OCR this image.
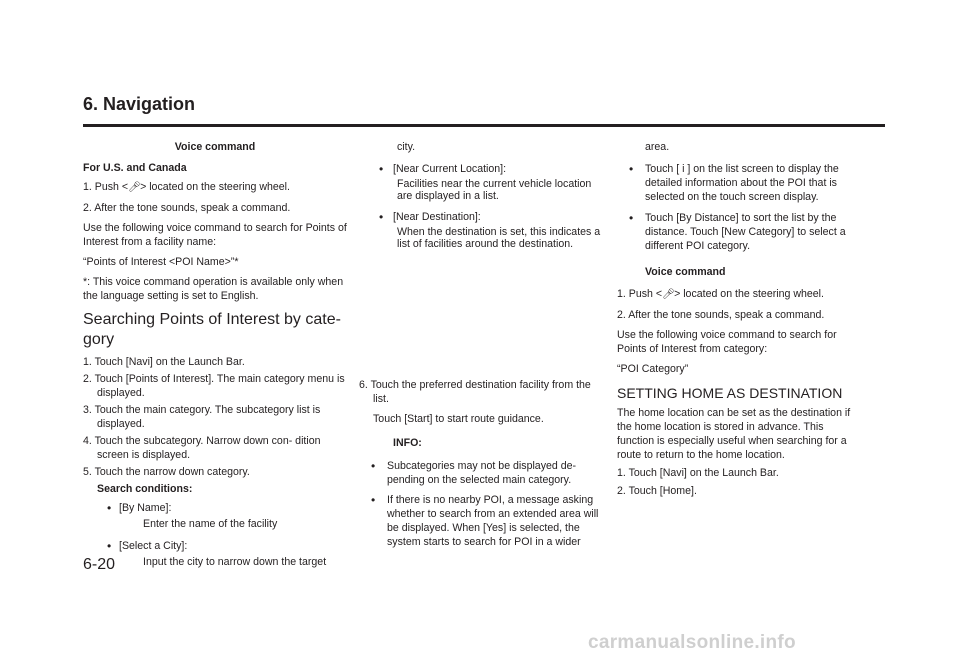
6. Navigation

Voice command

For U.S. and Canada

1. Push <🎤︎> located on the steering wheel.

2. After the tone sounds, speak a command.

Use the following voice command to search for Points of Interest from a facility name:

“Points of Interest <POI Name>”*

*: This voice command operation is available only when the language setting is set to English.

Searching Points of Interest by cate- gory

1. Touch [Navi] on the Launch Bar.

2. Touch [Points of Interest]. The main category menu is displayed.

3. Touch the main category. The subcategory list is displayed.

4. Touch the subcategory. Narrow down con- dition screen is displayed.

5. Touch the narrow down category.

Search conditions:

• [By Name]:

Enter the name of the facility

• [Select a City]:

Input the city to narrow down the target

city.

• [Near Current Location]:

Facilities near the current vehicle location are displayed in a list.

• [Near Destination]:

When the destination is set, this indicates a list of facilities around the destination.

6. Touch the preferred destination facility from the list.

Touch [Start] to start route guidance.

INFO:

• Subcategories may not be displayed de- pending on the selected main category.

• If there is no nearby POI, a message asking whether to search from an extended area will be displayed. When [Yes] is selected, the system starts to search for POI in a wider

area.

• Touch [ i ] on the list screen to display the detailed information about the POI that is selected on the touch screen display.

• Touch [By Distance] to sort the list by the distance. Touch [New Category] to select a different POI category.

Voice command

1. Push <🎤︎> located on the steering wheel.

2. After the tone sounds, speak a command.

Use the following voice command to search for Points of Interest from category:

“POI Category”

SETTING HOME AS DESTINATION

The home location can be set as the destination if the home location is stored in advance. This function is especially useful when searching for a route to return to the home location.

1. Touch [Navi] on the Launch Bar.

2. Touch [Home].

6-20
carmanualsonline.info
